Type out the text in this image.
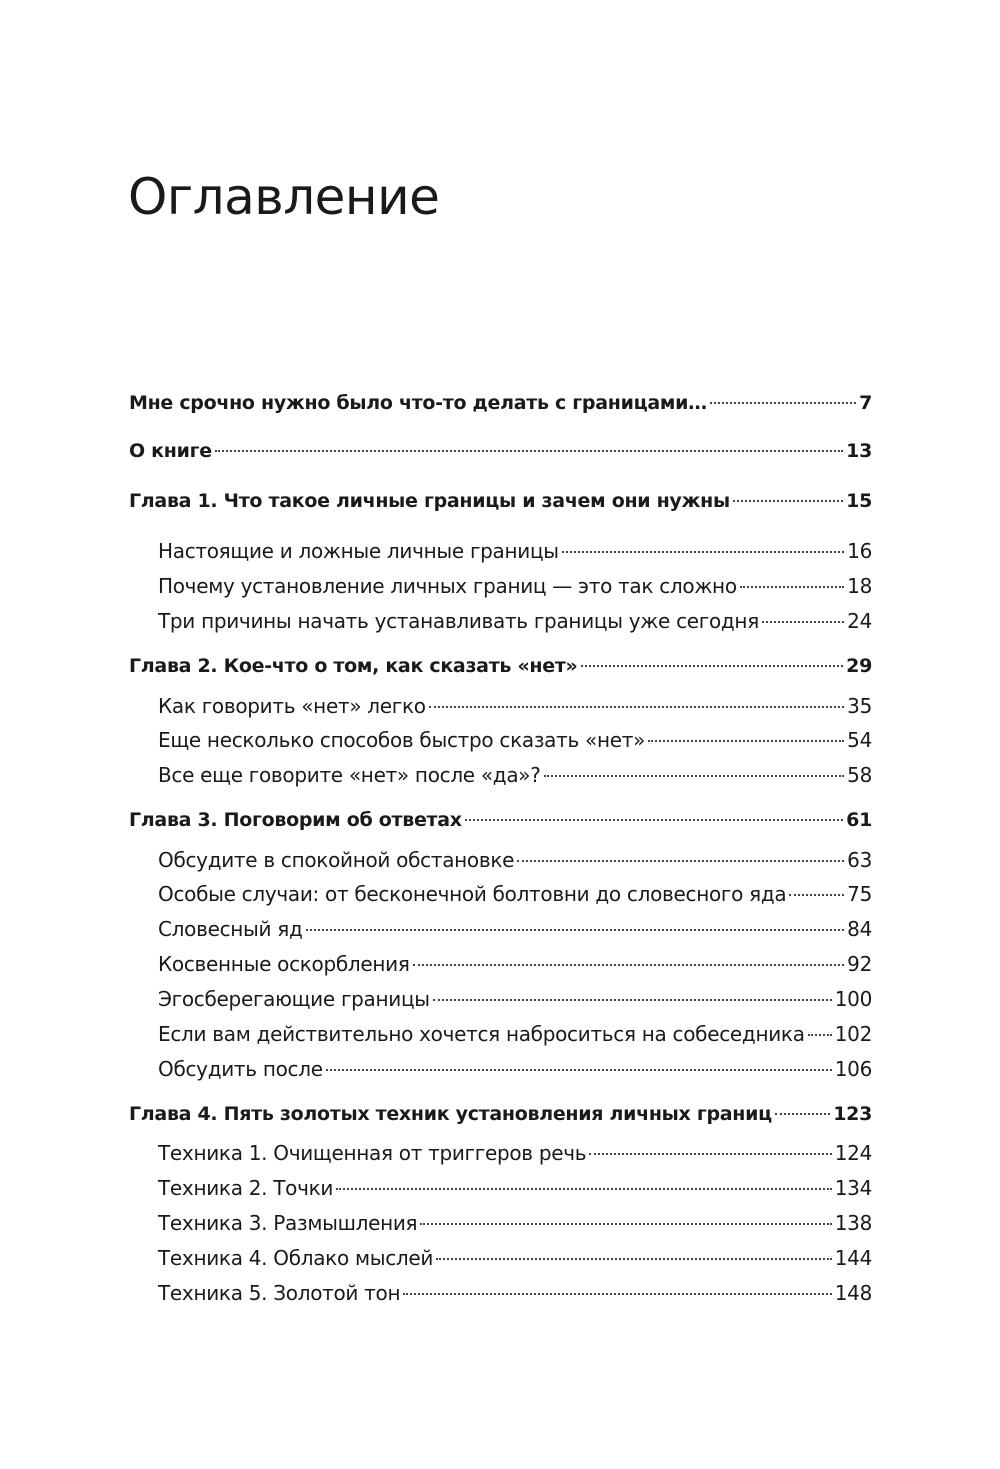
Оглавление
Мне срочно нужно было что-то делать с границами…	7
О книге	13
Глава 1. Что такое личные границы и зачем они нужны	15
Настоящие и ложные личные границы	16
Почему установление личных границ — это так сложно	18
Три причины начать устанавливать границы уже сегодня	24
Глава 2. Кое-что о том, как сказать «нет»	29
Как говорить «нет» легко	35
Еще несколько способов быстро сказать «нет»	54
Все еще говорите «нет» после «да»?	58
Глава 3. Поговорим об ответах	61
Обсудите в спокойной обстановке	63
Особые случаи: от бесконечной болтовни до словесного яда	75
Словесный яд	84
Косвенные оскорбления	92
Эгосберегающие границы	100
Если вам действительно хочется наброситься на собеседника 102
Обсудить после	106
Глава 4. Пять золотых техник установления личных границ	123
Техника 1. Очищенная от триггеров речь	124
Техника 2. Точки	134
Техника 3. Размышления	138
Техника 4. Облако мыслей	144
Техника 5. Золотой тон	148
